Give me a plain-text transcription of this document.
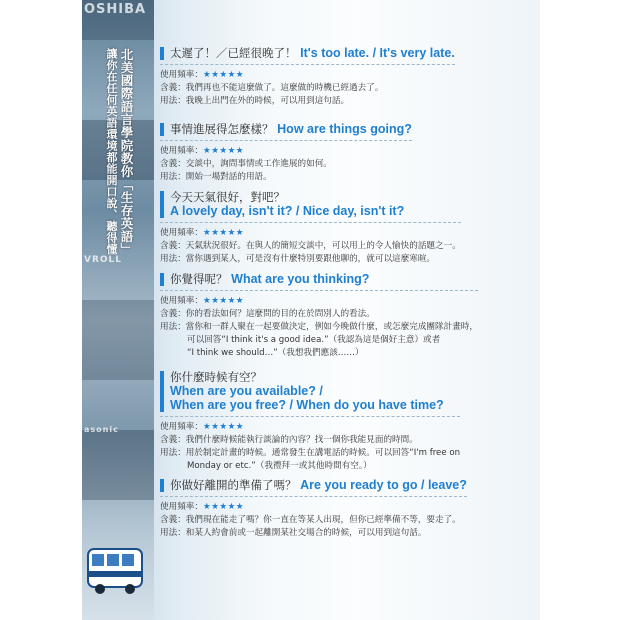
OSHIBA
VROLL
asonic
北美國際語言學院教你「生存英語」
讓你在任何英語環境都能開口說、聽得懂	太遲了！／已經很晚了！ It's too late. / It's very late.
使用頻率：★★★★★
含義：我們再也不能這麼做了。這麼做的時機已經過去了。
用法：我晚上出門在外的時候，可以用到這句話。
事情進展得怎麼樣？ How are things going?
使用頻率：★★★★★
含義：交談中，詢問事情或工作進展的如何。
用法：開始一場對話的用語。
今天天氣很好，對吧？
A lovely day, isn't it? / Nice day, isn't it?
使用頻率：★★★★★
含義：天氣狀況很好。在與人的簡短交談中，可以用上的令人愉快的話題之一。
用法：當你遇到某人，可是沒有什麼特別要跟他聊的，就可以這麼寒暄。
你覺得呢？ What are you thinking?
使用頻率：★★★★★
含義：你的看法如何？這麼問的目的在於問別人的看法。
用法：當你和一群人聚在一起要做決定，例如今晚做什麼，或怎麼完成團隊計畫時，
可以回答“I think it's a good idea.”（我認為這是個好主意）或者
“I think we should…”（我想我們應該……）
你什麼時候有空？
When are you available? /
When are you free? / When do you have time?
使用頻率：★★★★★
含義：我們什麼時候能執行談論的內容？找一個你我能見面的時間。
用法：用於制定計畫的時候。通常發生在講電話的時候。可以回答“I'm free on
Monday or etc.”（我禮拜一或其他時間有空。）
你做好離開的準備了嗎？ Are you ready to go / leave?
使用頻率：★★★★★
含義：我們現在能走了嗎？你一直在等某人出現，但你已經準備不等，要走了。
用法：和某人約會前或一起離開某社交場合的時候，可以用到這句話。
